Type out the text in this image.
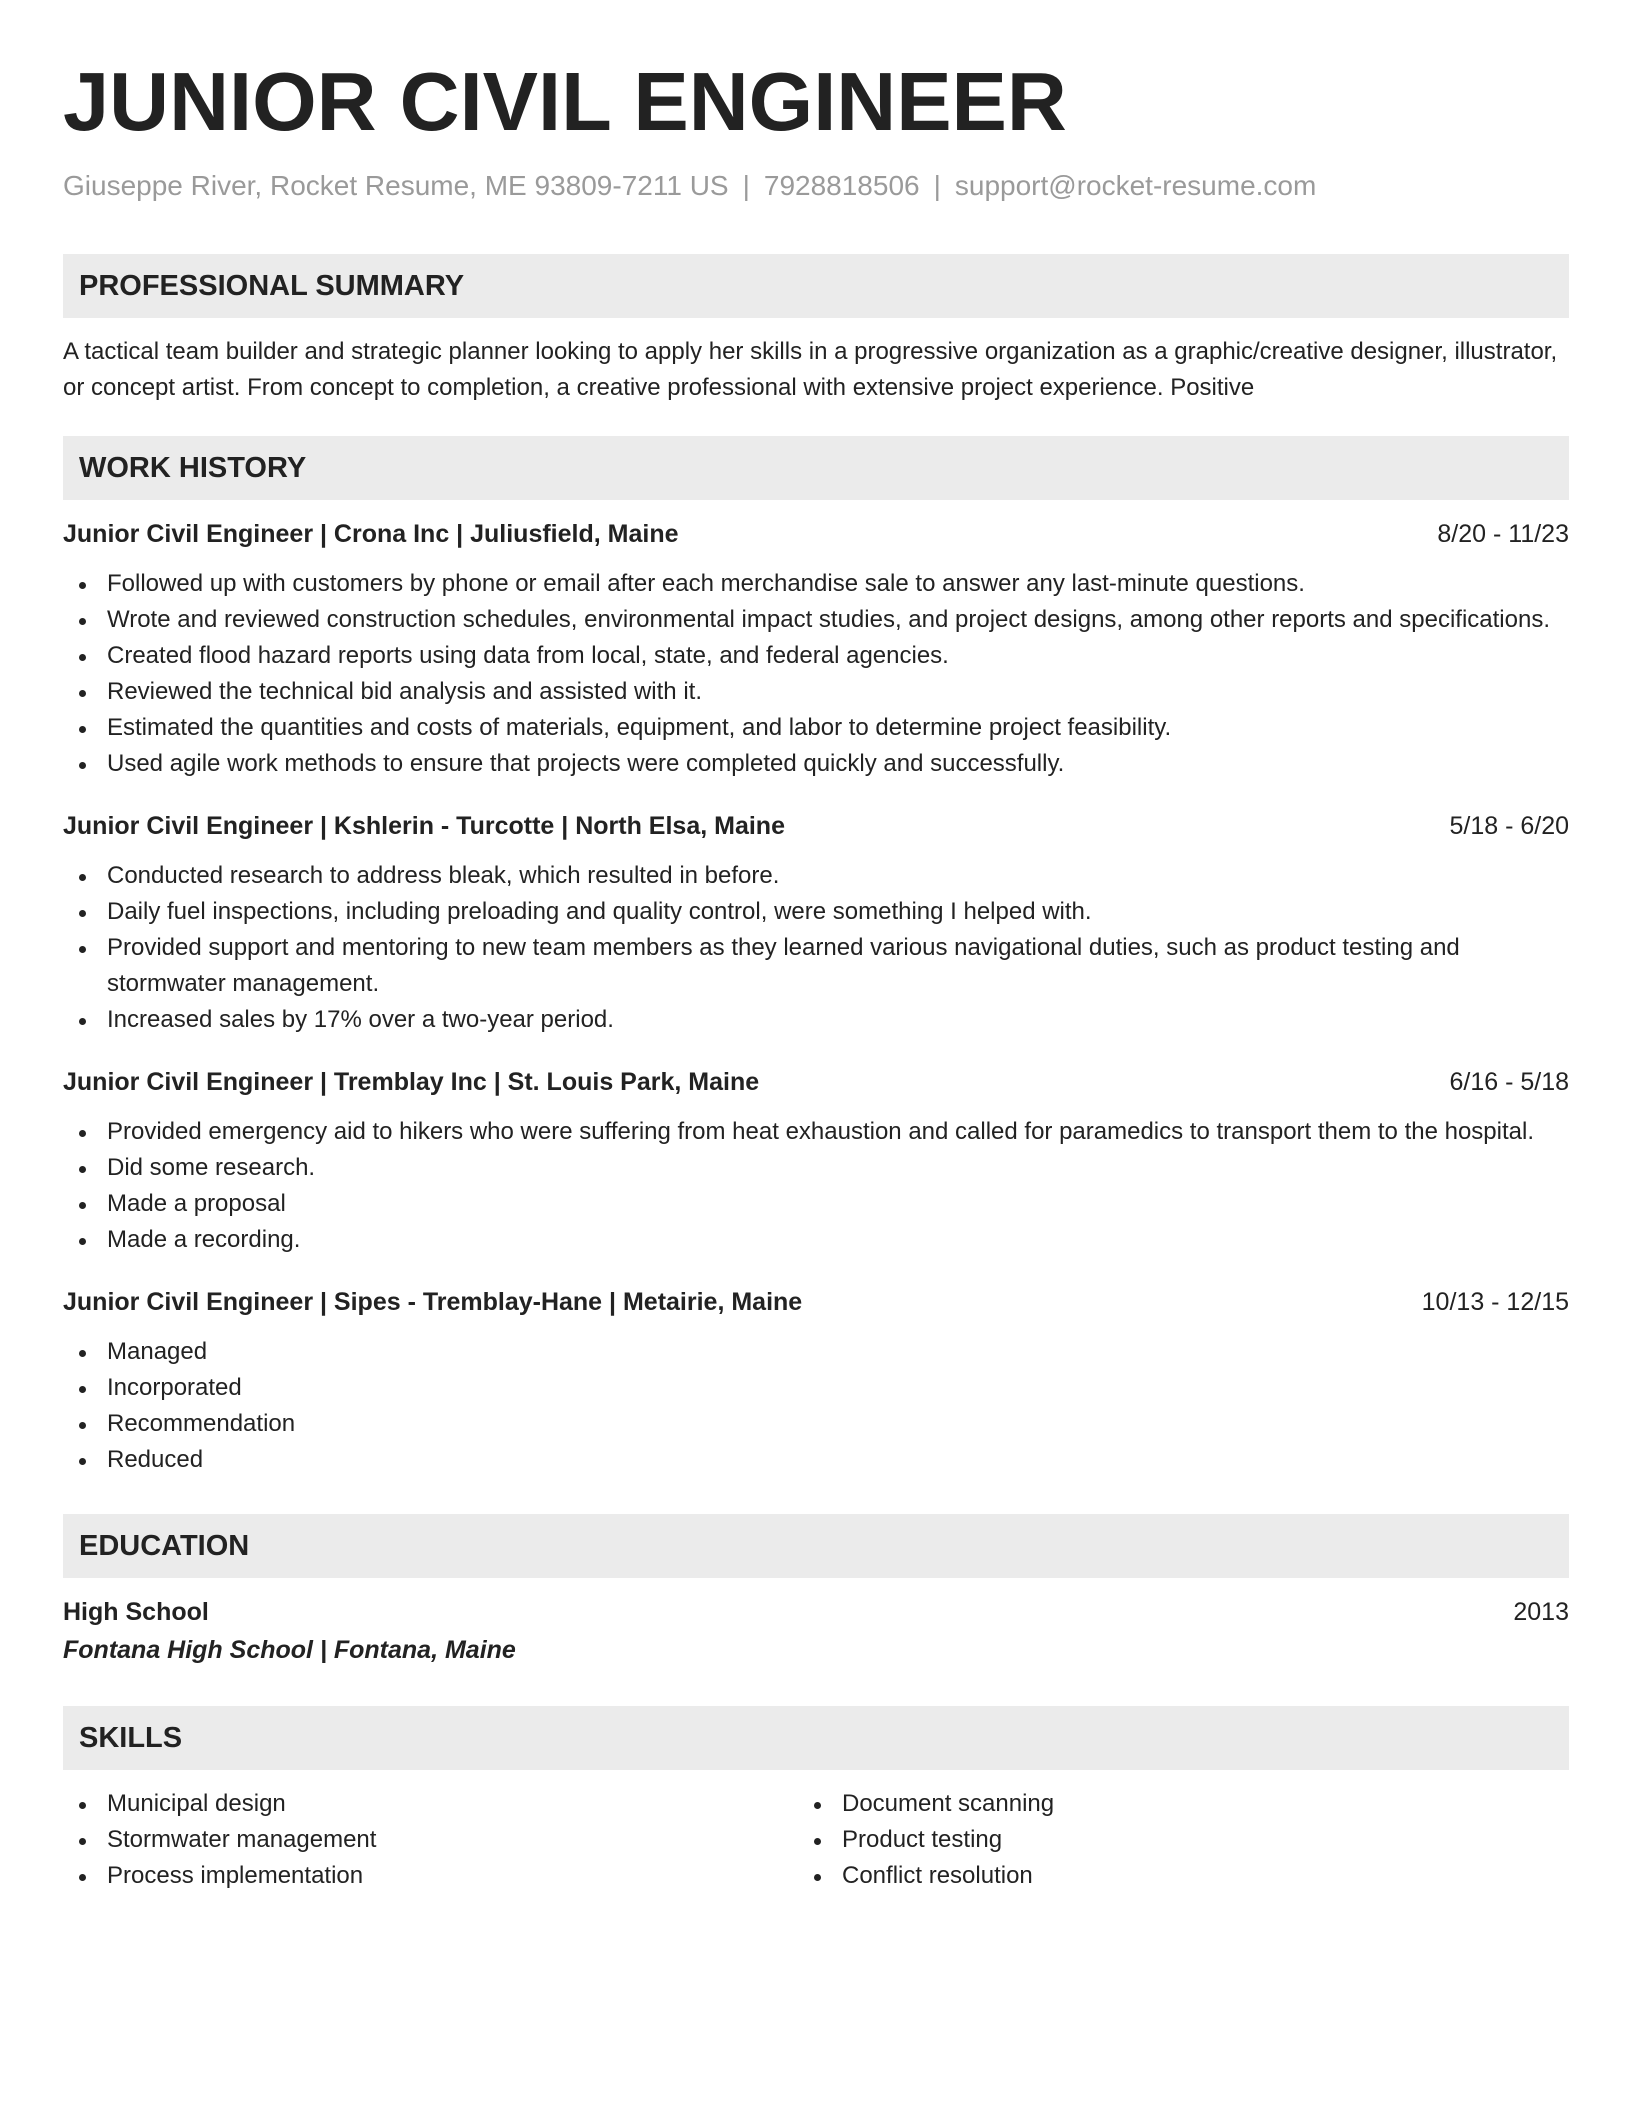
JUNIOR CIVIL ENGINEER
Giuseppe River, Rocket Resume, ME 93809-7211 US | 7928818506 | support@rocket-resume.com
PROFESSIONAL SUMMARY

A tactical team builder and strategic planner looking to apply her skills in a progressive organization as a graphic/creative designer, illustrator, or concept artist. From concept to completion, a creative professional with extensive project experience. Positive

WORK HISTORY
Junior Civil Engineer | Crona Inc | Juliusfield, Maine	8/20 - 11/23
Followed up with customers by phone or email after each merchandise sale to answer any last-minute questions.
Wrote and reviewed construction schedules, environmental impact studies, and project designs, among other reports and specifications.
Created flood hazard reports using data from local, state, and federal agencies.
Reviewed the technical bid analysis and assisted with it.
Estimated the quantities and costs of materials, equipment, and labor to determine project feasibility.
Used agile work methods to ensure that projects were completed quickly and successfully.
Junior Civil Engineer | Kshlerin - Turcotte | North Elsa, Maine	5/18 - 6/20
Conducted research to address bleak, which resulted in before.
Daily fuel inspections, including preloading and quality control, were something I helped with.
Provided support and mentoring to new team members as they learned various navigational duties, such as product testing and stormwater management.
Increased sales by 17% over a two-year period.
Junior Civil Engineer | Tremblay Inc | St. Louis Park, Maine	6/16 - 5/18
Provided emergency aid to hikers who were suffering from heat exhaustion and called for paramedics to transport them to the hospital.
Did some research.
Made a proposal
Made a recording.
Junior Civil Engineer | Sipes - Tremblay-Hane | Metairie, Maine	10/13 - 12/15
Managed
Incorporated
Recommendation
Reduced
EDUCATION
High School	2013
Fontana High School | Fontana, Maine
SKILLS
Municipal design
Stormwater management
Process implementation
Document scanning
Product testing
Conflict resolution
